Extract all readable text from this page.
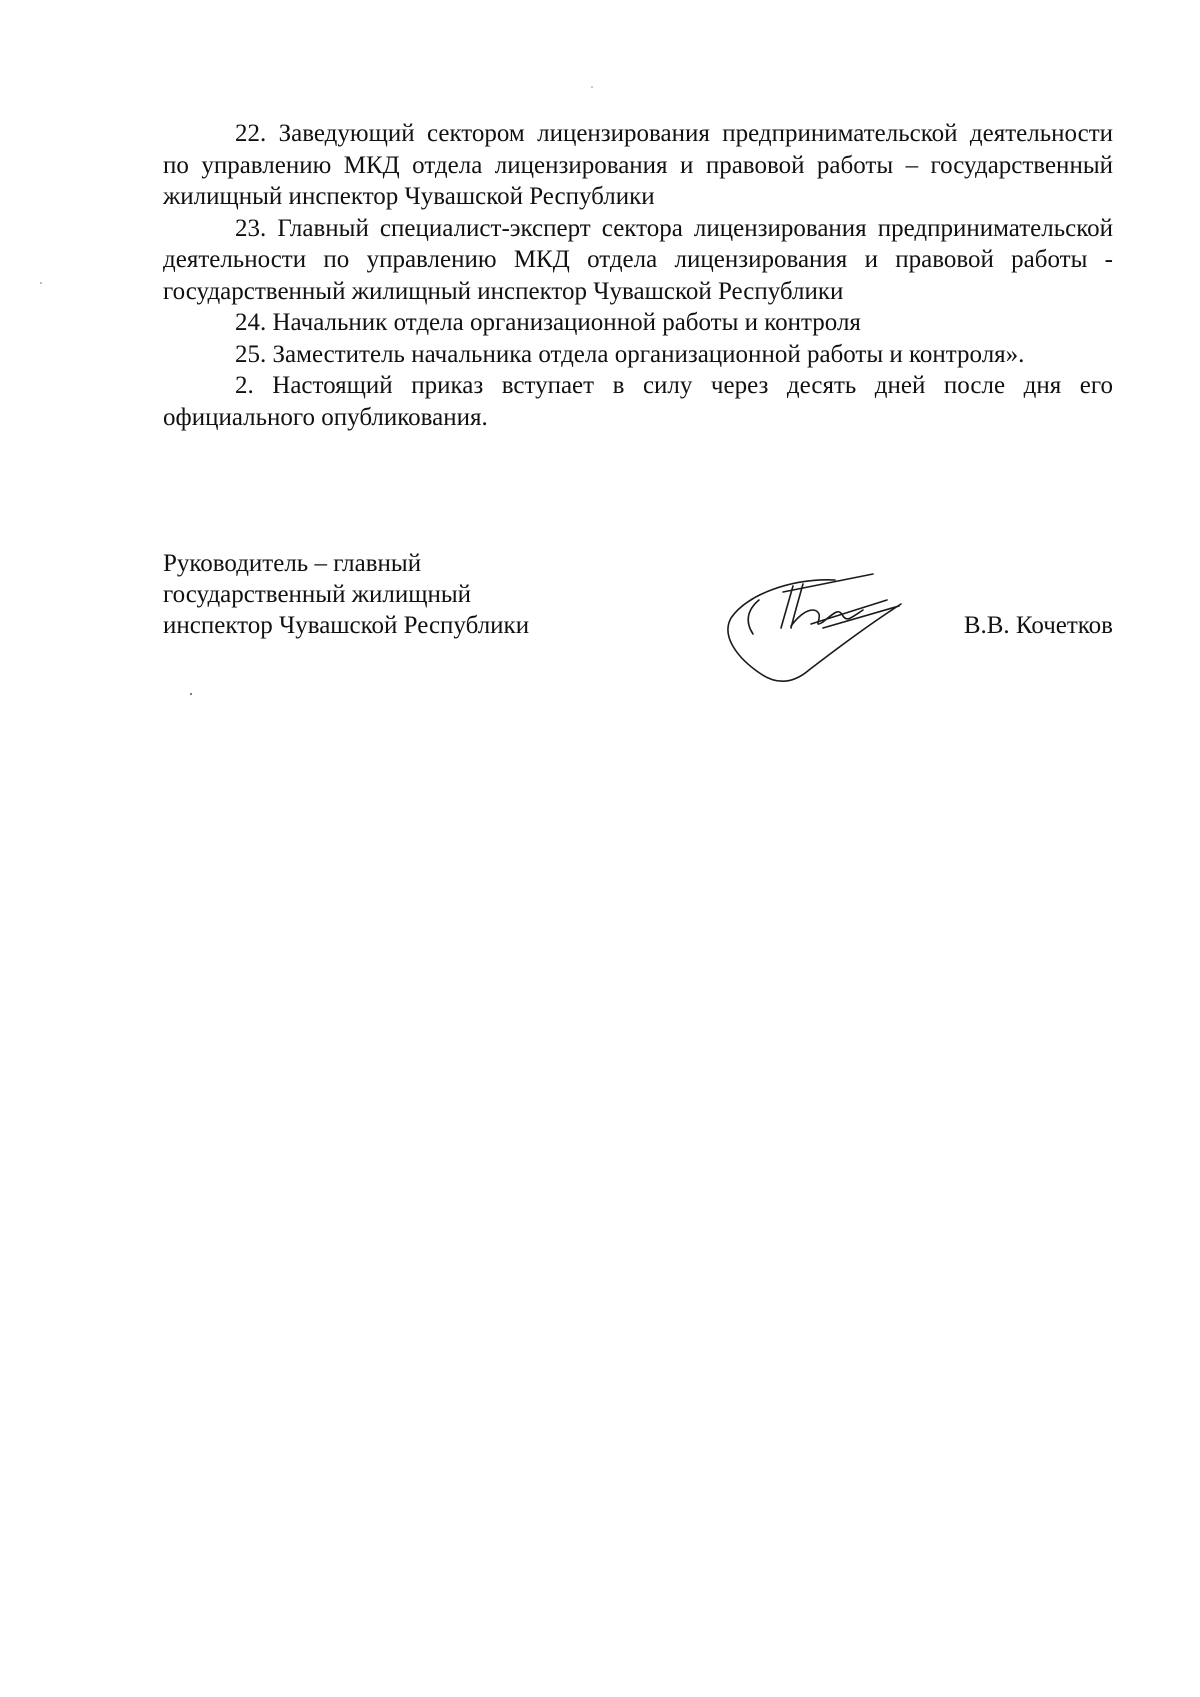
22. Заведующий сектором лицензирования предпринимательской деятельности по управлению МКД отдела лицензирования и правовой работы – государственный жилищный инспектор Чувашской Республики

23. Главный специалист-эксперт сектора лицензирования предпринимательской деятельности по управлению МКД отдела лицензирования и правовой работы - государственный жилищный инспектор Чувашской Республики

24. Начальник отдела организационной работы и контроля

25. Заместитель начальника отдела организационной работы и контроля».

2. Настоящий приказ вступает в силу через десять дней после дня его официального опубликования.

Руководитель – главный
государственный жилищный
инспектор Чувашской Республики	В.В. Кочетков
